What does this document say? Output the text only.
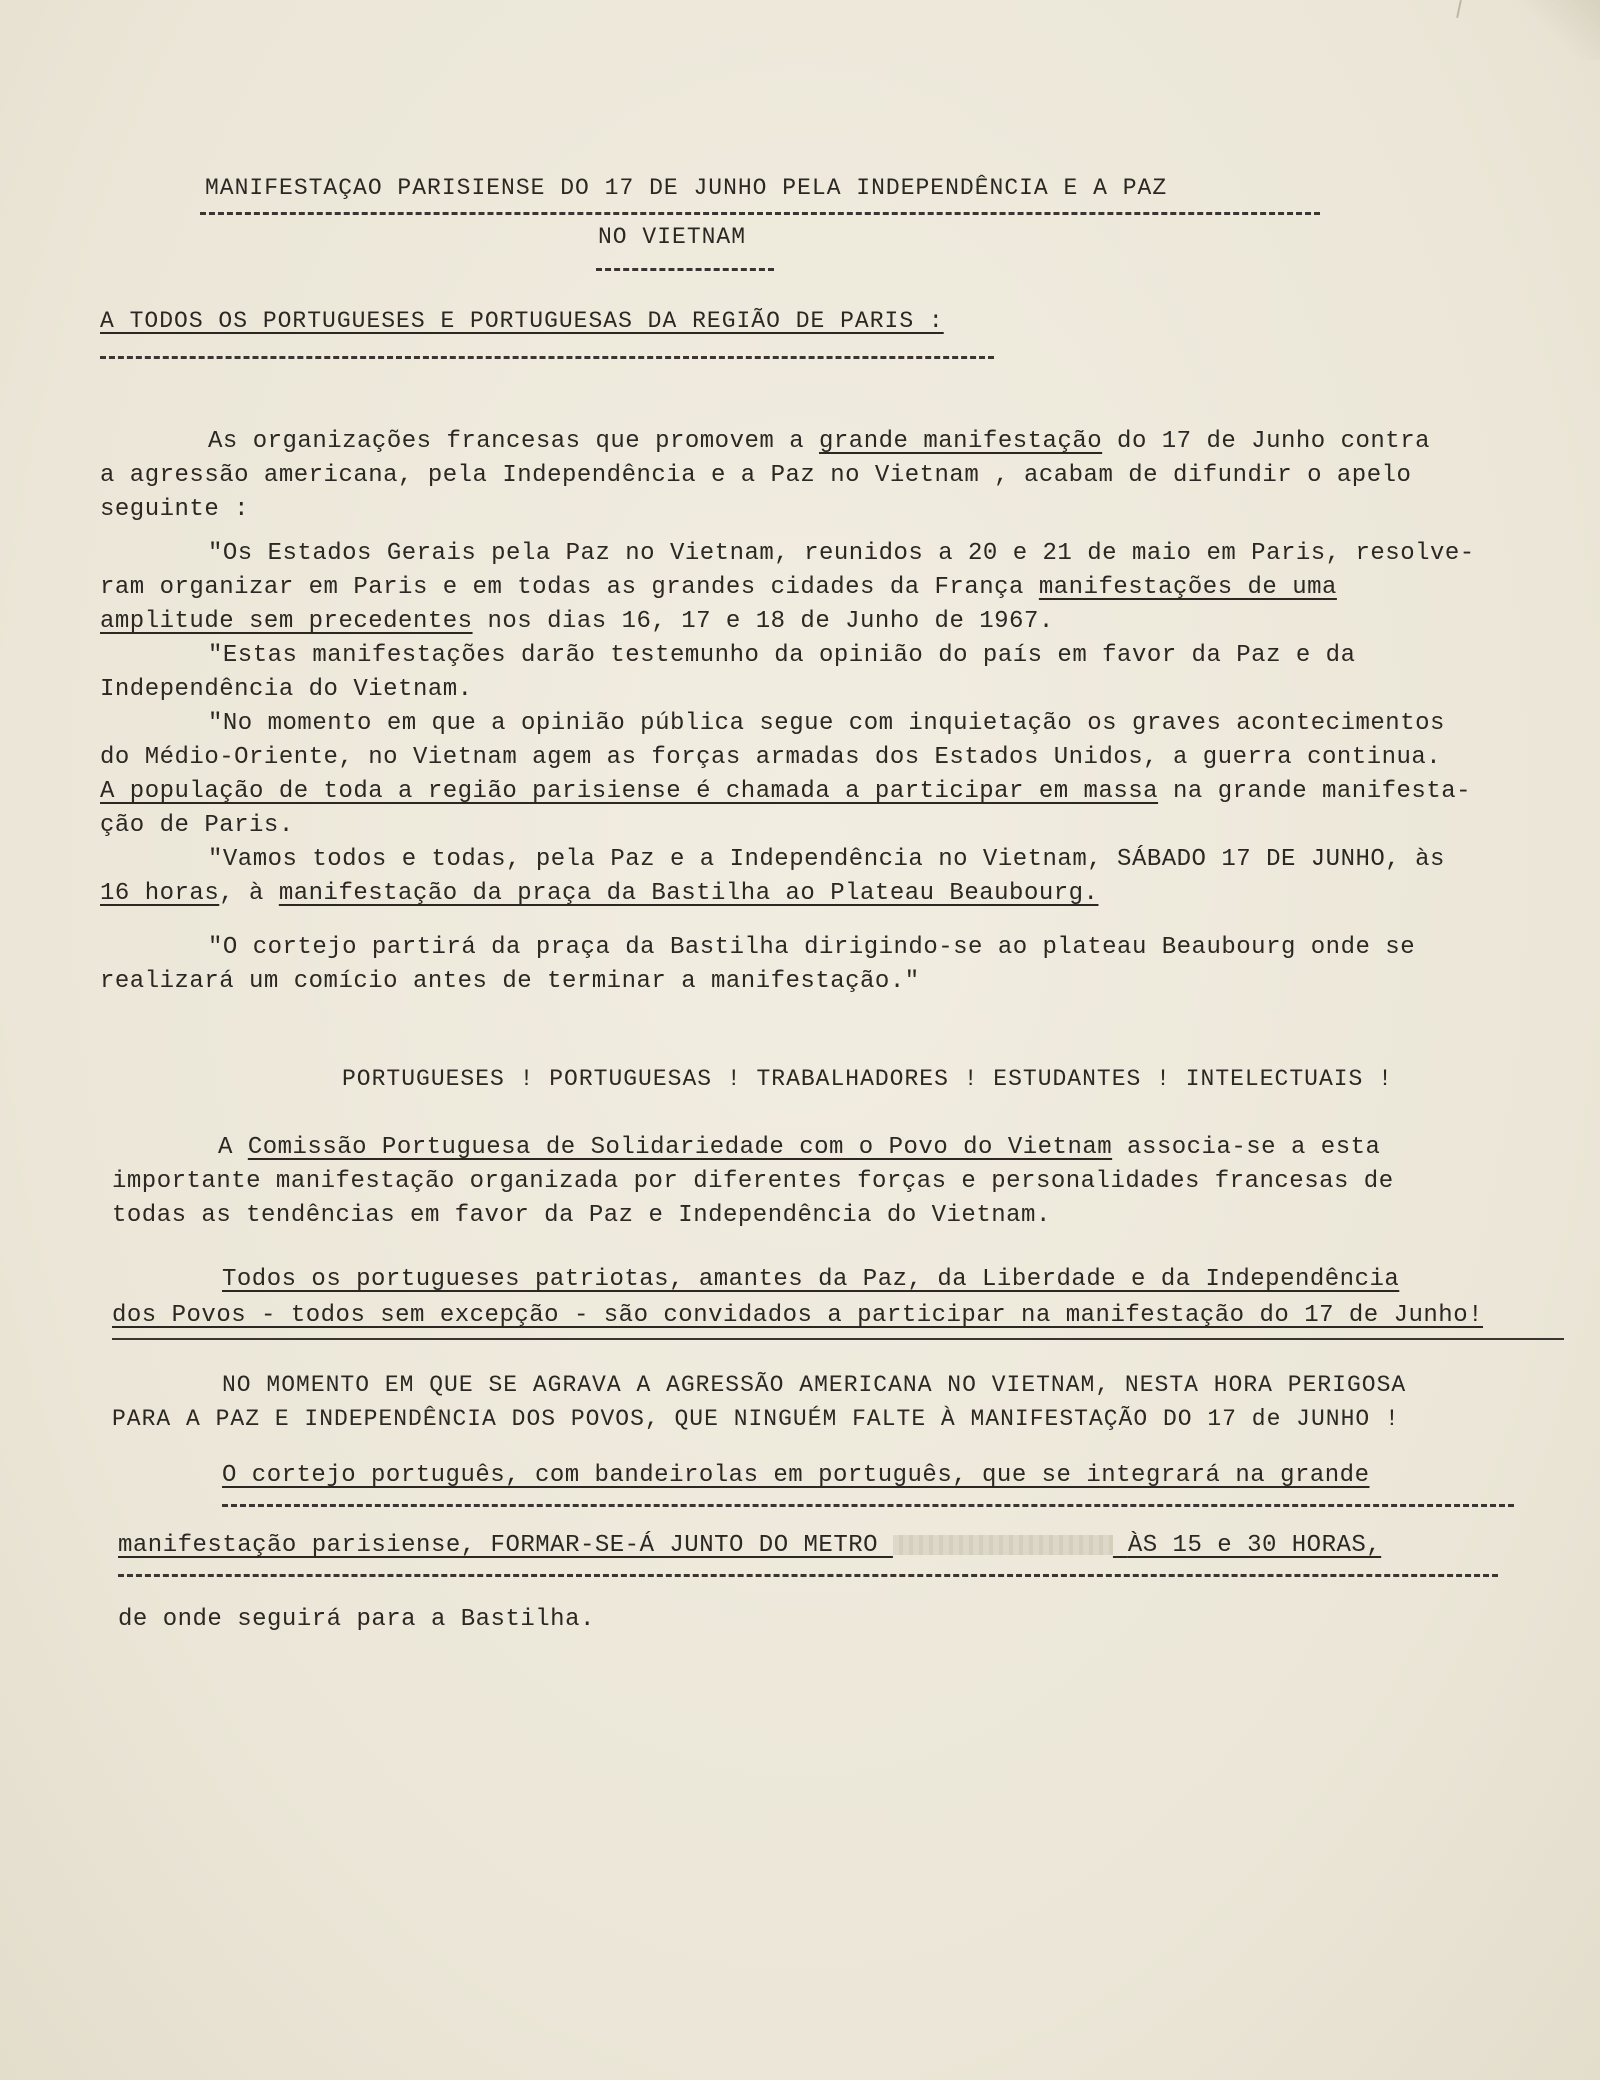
MANIFESTAÇAO PARISIENSE DO 17 DE JUNHO PELA INDEPENDÊNCIA E A PAZ
NO VIETNAM
A TODOS OS PORTUGUESES E PORTUGUESAS DA REGIÃO DE PARIS :
As organizações francesas que promovem a grande manifestação do 17 de Junho contra
a agressão americana, pela Independência e a Paz no Vietnam , acabam de difundir o apelo
seguinte :
"Os Estados Gerais pela Paz no Vietnam, reunidos a 20 e 21 de maio em Paris, resolve-
ram organizar em Paris e em todas as grandes cidades da França manifestações de uma
amplitude sem precedentes nos dias 16, 17 e 18 de Junho de 1967.
"Estas manifestações darão testemunho da opinião do país em favor da Paz e da
Independência do Vietnam.
"No momento em que a opinião pública segue com inquietação os graves acontecimentos
do Médio-Oriente, no Vietnam agem as forças armadas dos Estados Unidos, a guerra continua.
A população de toda a região parisiense é chamada a participar em massa na grande manifesta-
ção de Paris.
"Vamos todos e todas, pela Paz e a Independência no Vietnam, SÁBADO 17 DE JUNHO, às
16 horas, à manifestação da praça da Bastilha ao Plateau Beaubourg.
"O cortejo partirá da praça da Bastilha dirigindo-se ao plateau Beaubourg onde se
realizará um comício antes de terminar a manifestação."
PORTUGUESES ! PORTUGUESAS ! TRABALHADORES ! ESTUDANTES ! INTELECTUAIS !
A Comissão Portuguesa de Solidariedade com o Povo do Vietnam associa-se a esta
importante manifestação organizada por diferentes forças e personalidades francesas de
todas as tendências em favor da Paz e Independência do Vietnam.
Todos os portugueses patriotas, amantes da Paz, da Liberdade e da Independência
dos Povos - todos sem excepção - são convidados a participar na manifestação do 17 de Junho!
NO MOMENTO EM QUE SE AGRAVA A AGRESSÃO AMERICANA NO VIETNAM, NESTA HORA PERIGOSA
PARA A PAZ E INDEPENDÊNCIA DOS POVOS, QUE NINGUÉM FALTE À MANIFESTAÇÃO DO 17 de JUNHO !
O cortejo português, com bandeirolas em português, que se integrará na grande
manifestação parisiense, FORMAR-SE-Á JUNTO DO METRO	ÀS 15 e 30 HORAS,
de onde seguirá para a Bastilha.
